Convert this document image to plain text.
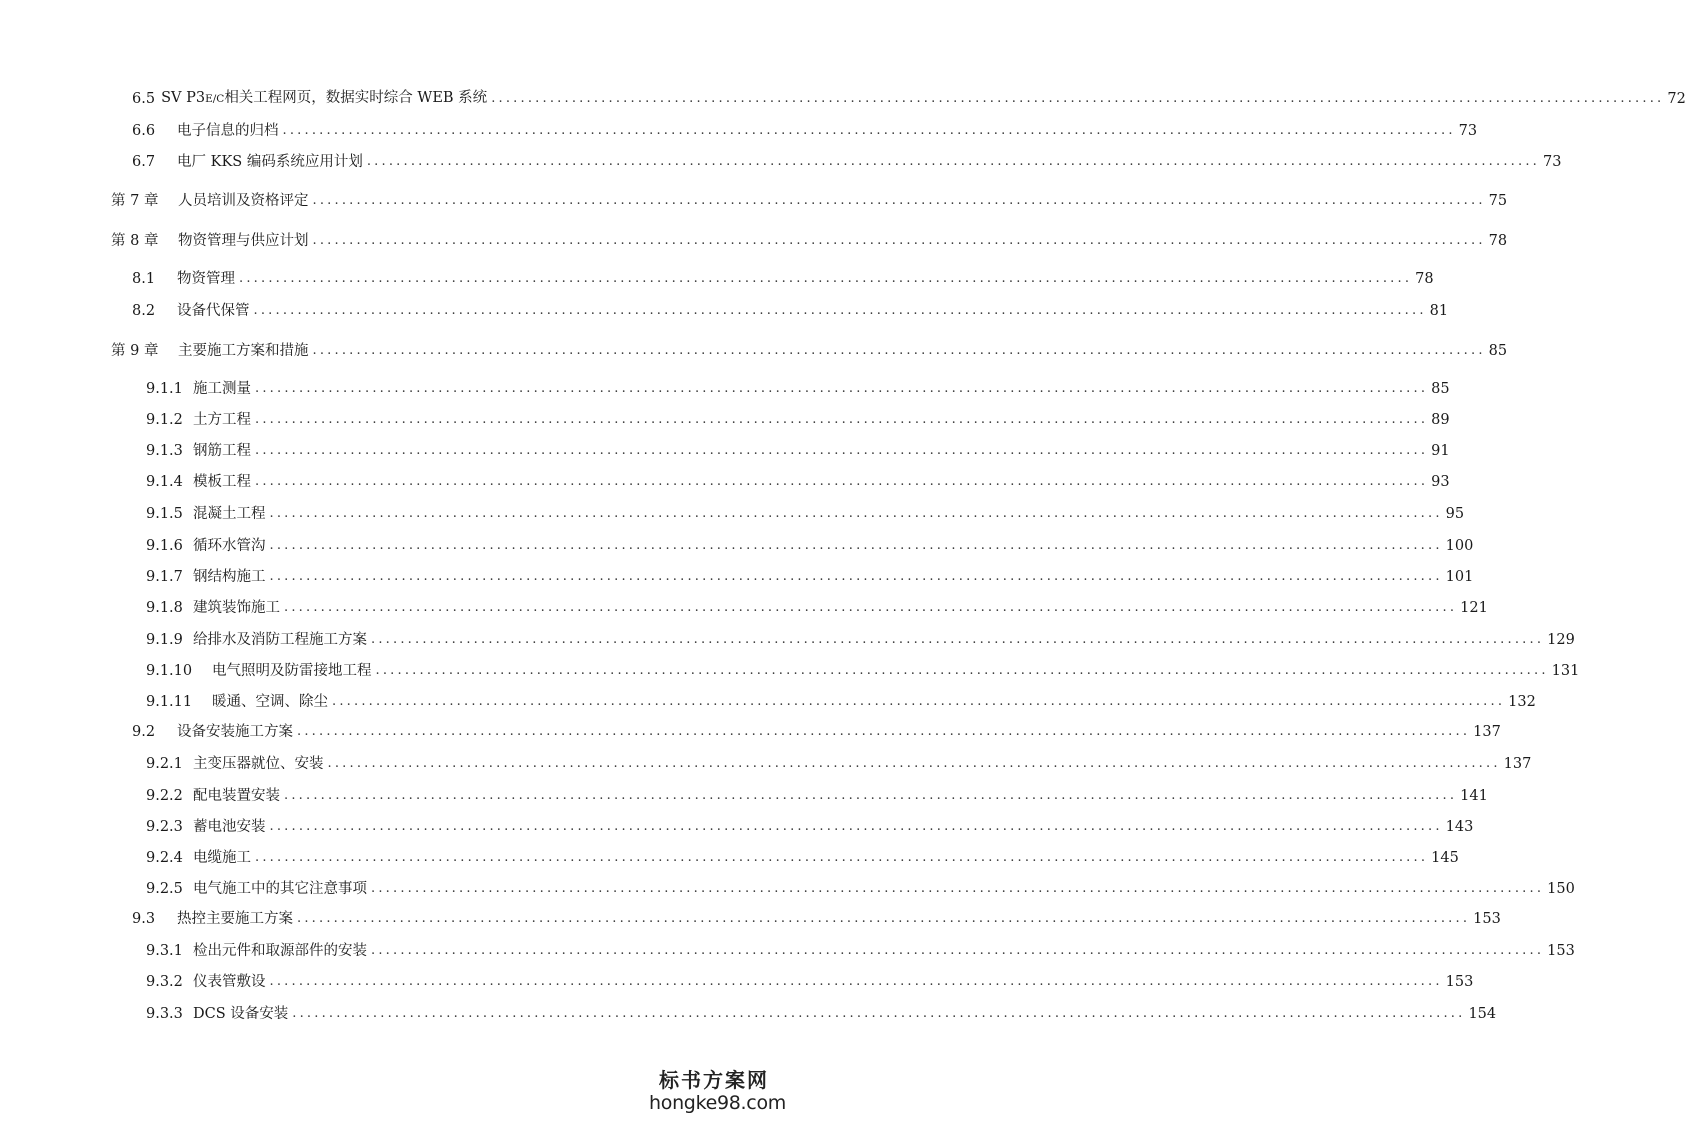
6.5 SV P3E/C相关工程网页，数据实时综合 WEB 系统 ................................................................................................................................................................ 72
6.6 电子信息的归档 ................................................................................................................................................................ 73
6.7 电厂 KKS 编码系统应用计划 ................................................................................................................................................................ 73
第 7 章 人员培训及资格评定 ................................................................................................................................................................ 75
第 8 章 物资管理与供应计划 ................................................................................................................................................................ 78
8.1 物资管理 ................................................................................................................................................................ 78
8.2 设备代保管 ................................................................................................................................................................ 81
第 9 章 主要施工方案和措施 ................................................................................................................................................................ 85
9.1.1 施工测量 ................................................................................................................................................................ 85
9.1.2 土方工程 ................................................................................................................................................................ 89
9.1.3 钢筋工程 ................................................................................................................................................................ 91
9.1.4 模板工程 ................................................................................................................................................................ 93
9.1.5 混凝土工程 ................................................................................................................................................................ 95
9.1.6 循环水管沟 ................................................................................................................................................................ 100
9.1.7 钢结构施工 ................................................................................................................................................................ 101
9.1.8 建筑装饰施工 ................................................................................................................................................................ 121
9.1.9 给排水及消防工程施工方案 ................................................................................................................................................................ 129
9.1.10 电气照明及防雷接地工程 ................................................................................................................................................................ 131
9.1.11 暖通、空调、除尘 ................................................................................................................................................................ 132
9.2 设备安装施工方案 ................................................................................................................................................................ 137
9.2.1 主变压器就位、安装 ................................................................................................................................................................ 137
9.2.2 配电装置安装 ................................................................................................................................................................ 141
9.2.3 蓄电池安装 ................................................................................................................................................................ 143
9.2.4 电缆施工 ................................................................................................................................................................ 145
9.2.5 电气施工中的其它注意事项 ................................................................................................................................................................ 150
9.3 热控主要施工方案 ................................................................................................................................................................ 153
9.3.1 检出元件和取源部件的安装 ................................................................................................................................................................ 153
9.3.2 仪表管敷设 ................................................................................................................................................................ 153
9.3.3 DCS 设备安装 ................................................................................................................................................................ 154
标书方案网
hongke98.com
